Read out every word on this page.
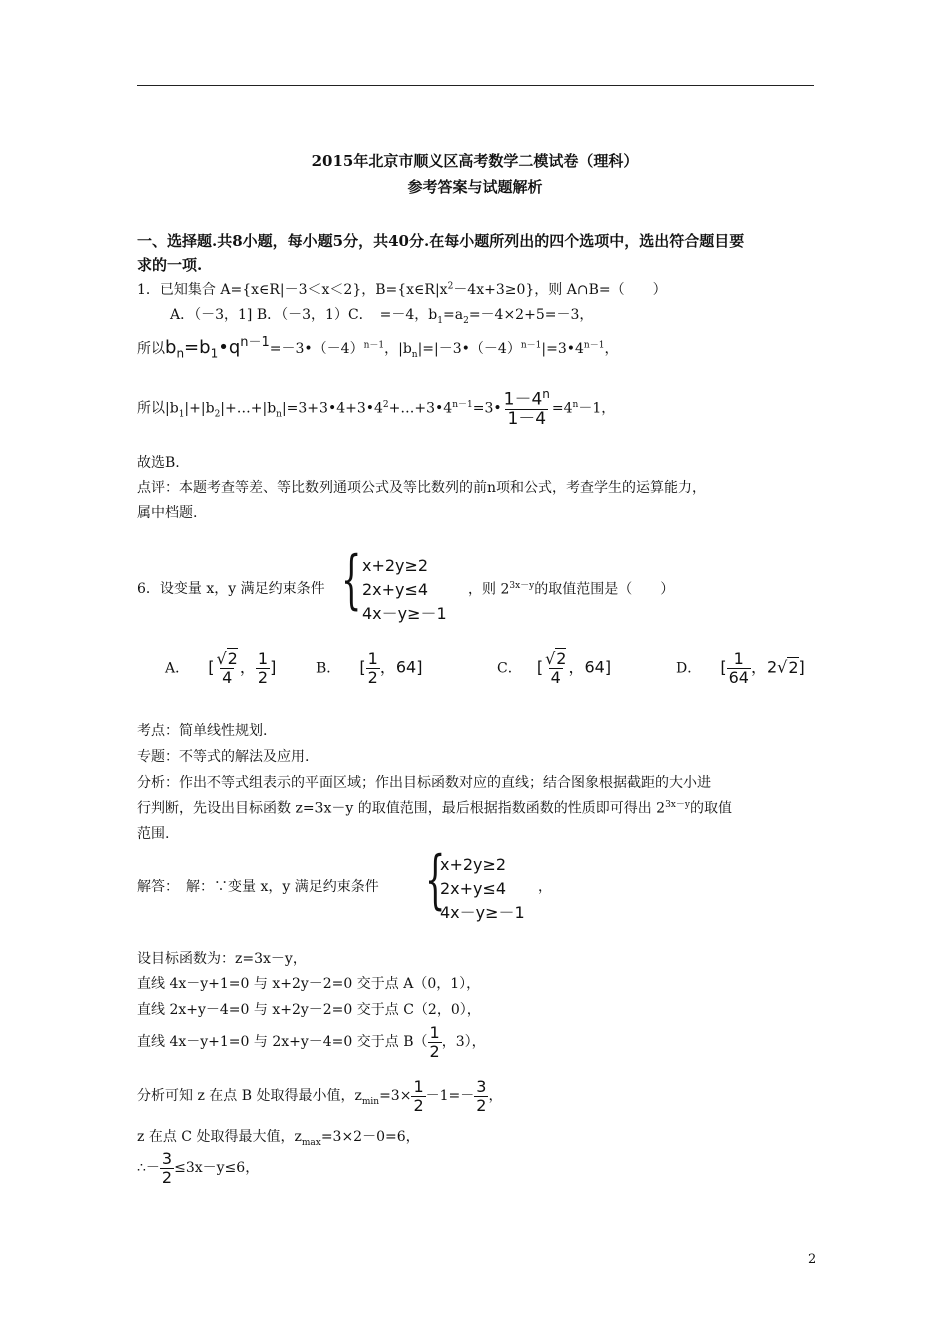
2015年北京市顺义区高考数学二模试卷（理科）
参考答案与试题解析
一、选择题.共8小题，每小题5分，共40分.在每小题所列出的四个选项中，选出符合题目要
求的一项.
1．已知集合 A={x∈R|－3＜x＜2}，$B=\{x\in R|x^2-4x+3\ge 0\}$，则 A∩B=（　　）
A．（－3，1] B．（－3，1）C．　=－4，$b_1=a_2=-4\times 2+5=-3$，
所以$b_n=b_1•q^{n-1}=-3•(-4)^{n-1}$，$|b_n|=|-3•(-4)^{n-1}|=3•4^{n-1}$，
所以$|b_1|+|b_2|+\dots+|b_n|=3+3•4+3•4^2+\dots+3•4^{n-1}=3• \frac{1-4^n}{1-4} =4^n-1$，
故选B.
点评：本题考查等差、等比数列通项公式及等比数列的前n项和公式，考查学生的运算能力，
属中档题.
6．设变量 x，y 满足约束条件 { x+2y≥2
2x+y≤4
4x－y≥－1
，则 $2^{3x-y}$的取值范围是（　　）
A． [ $\frac{√2}{4}$ ， $\frac{1}{2}$ ]	B． [ $\frac{1}{2}$ ，64]	C． [ $\frac{√2}{4}$ ，64]	D． [ $\frac{1}{64}$ ，2√2]
考点：简单线性规划.
专题：不等式的解法及应用.
分析：作出不等式组表示的平面区域；作出目标函数对应的直线；结合图象根据截距的大小进
行判断，先设出目标函数 z=3x－y 的取值范围，最后根据指数函数的性质即可得出 $2^{3x-y}$的取值
范围.
解答：　解：∵变量 x，y 满足约束条件 {
x+2y≥2
2x+y≤4
4x－y≥－1
，
设目标函数为：z=3x－y，
直线 4x－y+1=0 与 x+2y－2=0 交于点 A（0，1），
直线 2x+y－4=0 与 x+2y－2=0 交于点 C（2，0），
直线 4x－y+1=0 与 2x+y－4=0 交于点 $B( \frac{1}{2}$ ，3），
分析可知 z 在点 B 处取得最小值，$z_{min}=3\times \frac{1}{2} -1=- \frac{3}{2}$ ，
z 在点 C 处取得最大值，$z_{max}=3\times 2-0=6$，
∴－ $\frac{3}{2} \le 3x-y\le 6$，
2
